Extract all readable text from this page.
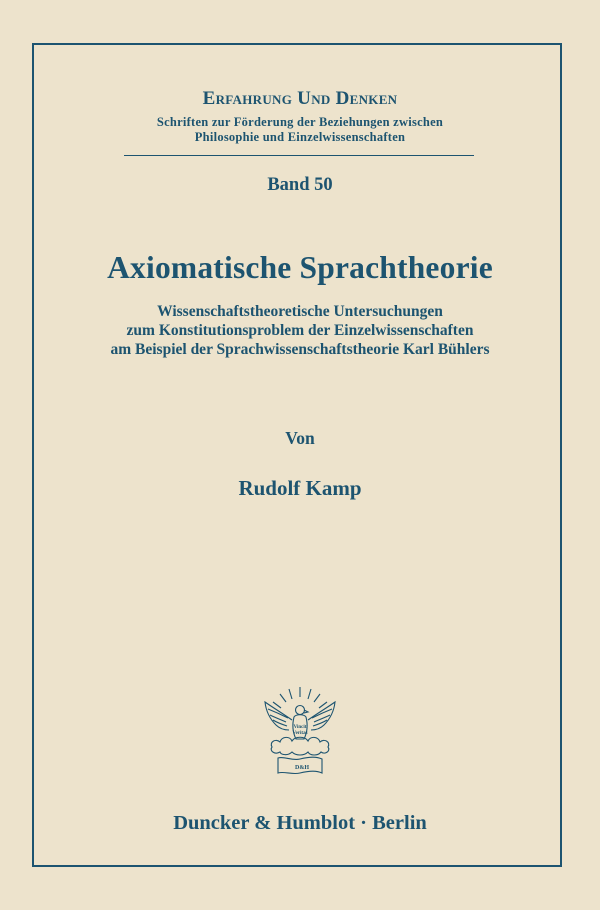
Erfahrung Und Denken
Schriften zur Förderung der Beziehungen zwischen
Philosophie und Einzelwissenschaften
Band 50
Axiomatische Sprachtheorie
Wissenschaftstheoretische Untersuchungen
zum Konstitutionsproblem der Einzelwissenschaften
am Beispiel der Sprachwissenschaftstheorie Karl Bühlers
Von
Rudolf Kamp
Vincit
Veritas
D&H
Duncker & Humblot · Berlin
